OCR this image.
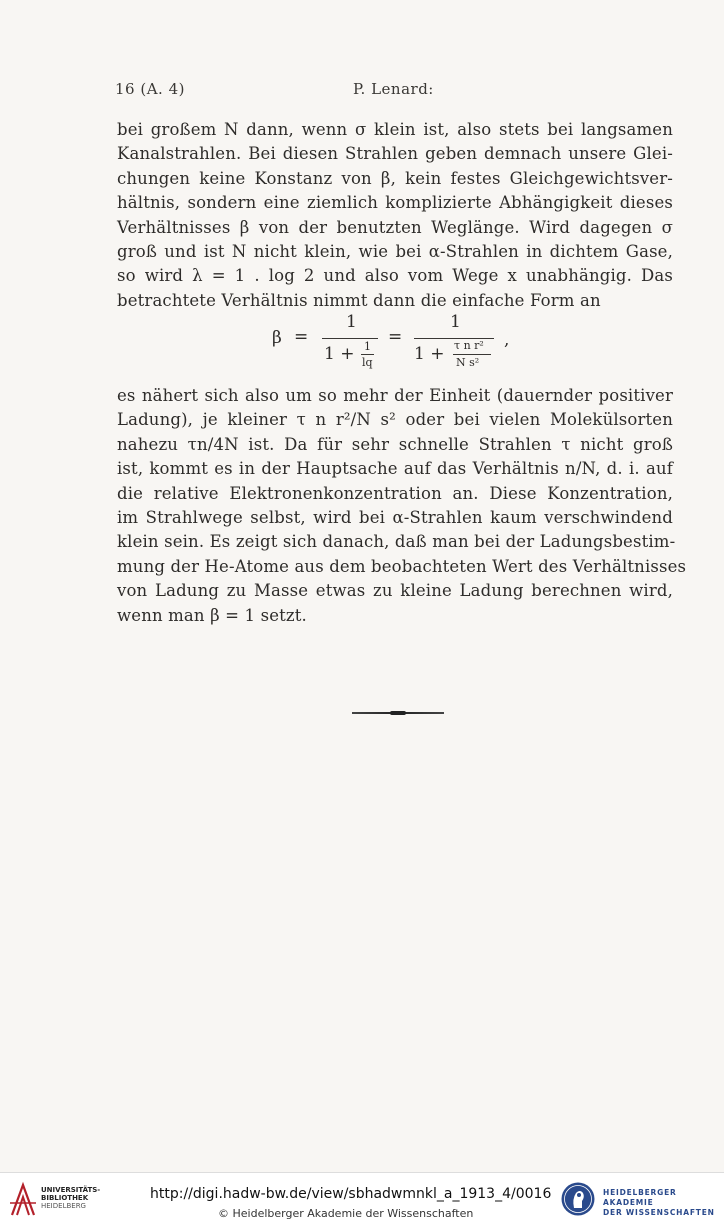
16 (A. 4)	P. Lenard:
bei großem N dann, wenn σ klein ist, also stets bei langsamen
Kanalstrahlen. Bei diesen Strahlen geben demnach unsere Glei-
chungen keine Konstanz von β, kein festes Gleichgewichtsver-
hältnis, sondern eine ziemlich komplizierte Abhängigkeit dieses
Verhältnisses β von der benutzten Weglänge. Wird dagegen σ
groß und ist N nicht klein, wie bei α-Strahlen in dichtem Gase,
so wird λ = 1 . log 2 und also vom Wege x unabhängig. Das
betrachtete Verhältnis nimmt dann die einfache Form an
β =
1
1 + 1
lq
=
1
1 + τ n r²
N s²
,
es nähert sich also um so mehr der Einheit (dauernder positiver
Ladung), je kleiner τ n r²/N s² oder bei vielen Molekülsorten
nahezu τn/4N ist. Da für sehr schnelle Strahlen τ nicht groß
ist, kommt es in der Hauptsache auf das Verhältnis n/N, d. i. auf
die relative Elektronenkonzentration an. Diese Konzentration,
im Strahlwege selbst, wird bei α-Strahlen kaum verschwindend
klein sein. Es zeigt sich danach, daß man bei der Ladungsbestim-
mung der He-Atome aus dem beobachteten Wert des Verhältnisses
von Ladung zu Masse etwas zu kleine Ladung berechnen wird,
wenn man β = 1 setzt.
UNIVERSITÄTS-
BIBLIOTHEK
HEIDELBERG
http://digi.hadw-bw.de/view/sbhadwmnkl_a_1913_4/0016
© Heidelberger Akademie der Wissenschaften
HEIDELBERGER AKADEMIE
DER WISSENSCHAFTEN
